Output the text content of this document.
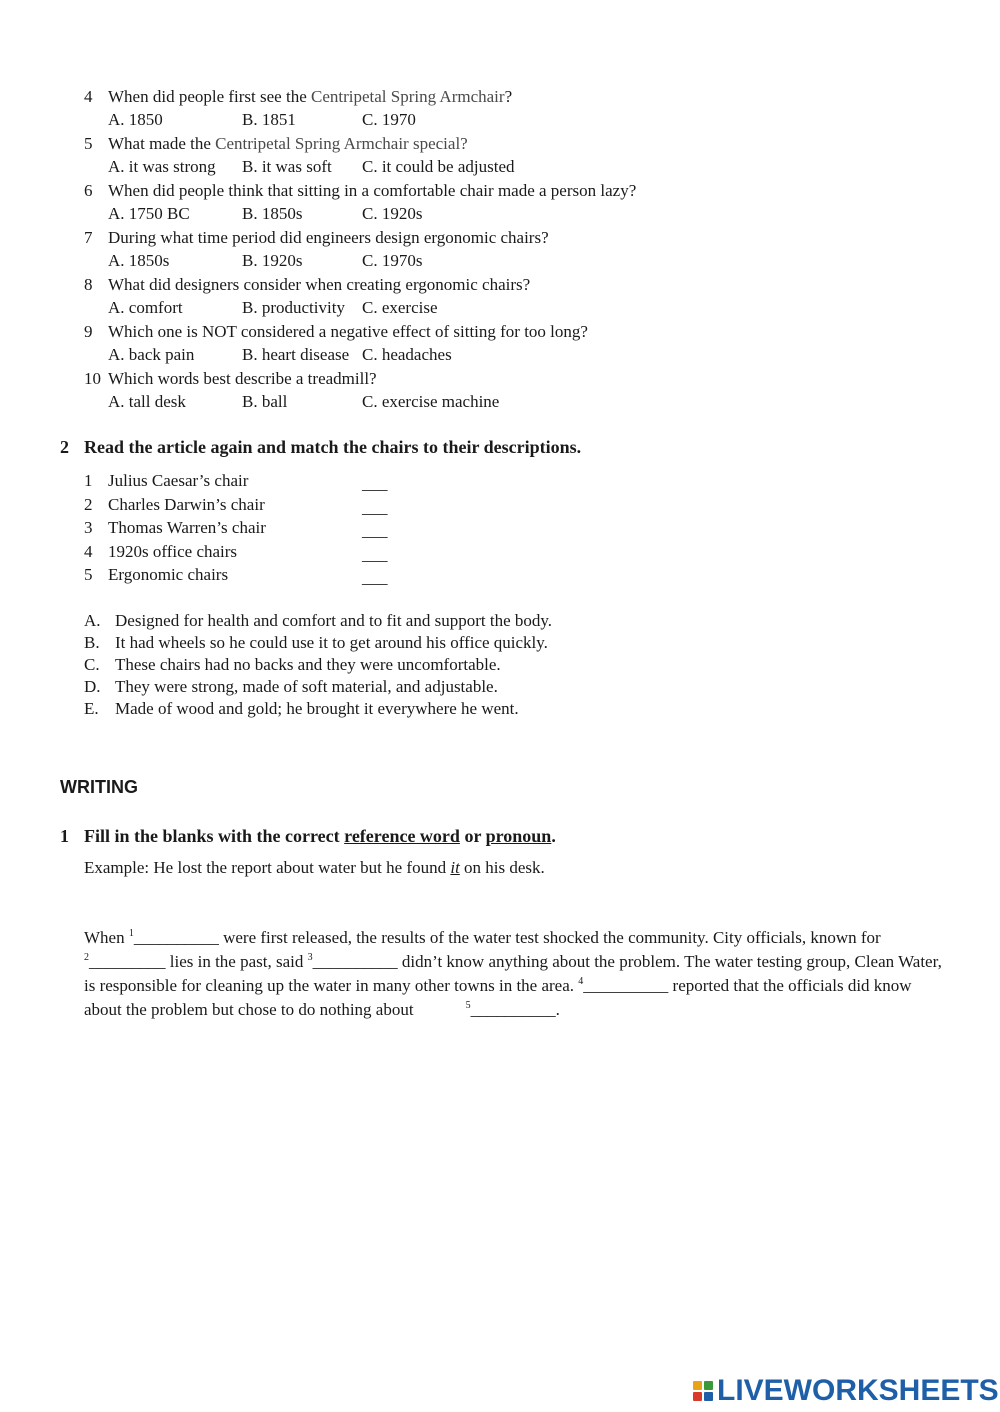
4 When did people first see the Centripetal Spring Armchair?
A. 1850	B. 1851	C. 1970
5 What made the Centripetal Spring Armchair special?
A. it was strong B. it was soft C. it could be adjusted
6 When did people think that sitting in a comfortable chair made a person lazy?
A. 1750 BC	B. 1850s	C. 1920s
7 During what time period did engineers design ergonomic chairs?
A. 1850s	B. 1920s	C. 1970s
8 What did designers consider when creating ergonomic chairs?
A. comfort	B. productivity C. exercise
9 Which one is NOT considered a negative effect of sitting for too long?
A. back pain	B. heart disease C. headaches
10 Which words best describe a treadmill?
A. tall desk	B. ball	C. exercise machine
2 Read the article again and match the chairs to their descriptions.
1 Julius Caesar’s chair	___
2 Charles Darwin’s chair	___
3 Thomas Warren’s chair	___
4 1920s office chairs	___
5 Ergonomic chairs	___
A. Designed for health and comfort and to fit and support the body.
B. It had wheels so he could use it to get around his office quickly.
C. These chairs had no backs and they were uncomfortable.
D. They were strong, made of soft material, and adjustable.
E. Made of wood and gold; he brought it everywhere he went.
WRITING
1 Fill in the blanks with the correct reference word or pronoun.
Example: He lost the report about water but he found it on his desk.
When $^1$__________ were first released, the results of the water test shocked the community. City officials, known for $^2$_________ lies in the past, said $^3$__________ didn’t know anything about the problem. The water testing group, Clean Water, is responsible for cleaning up the water in many other towns in the area. $^4$__________ reported that the officials did know about the problem but chose to do nothing about	$^5$__________.
LIVEWORKSHEETS
